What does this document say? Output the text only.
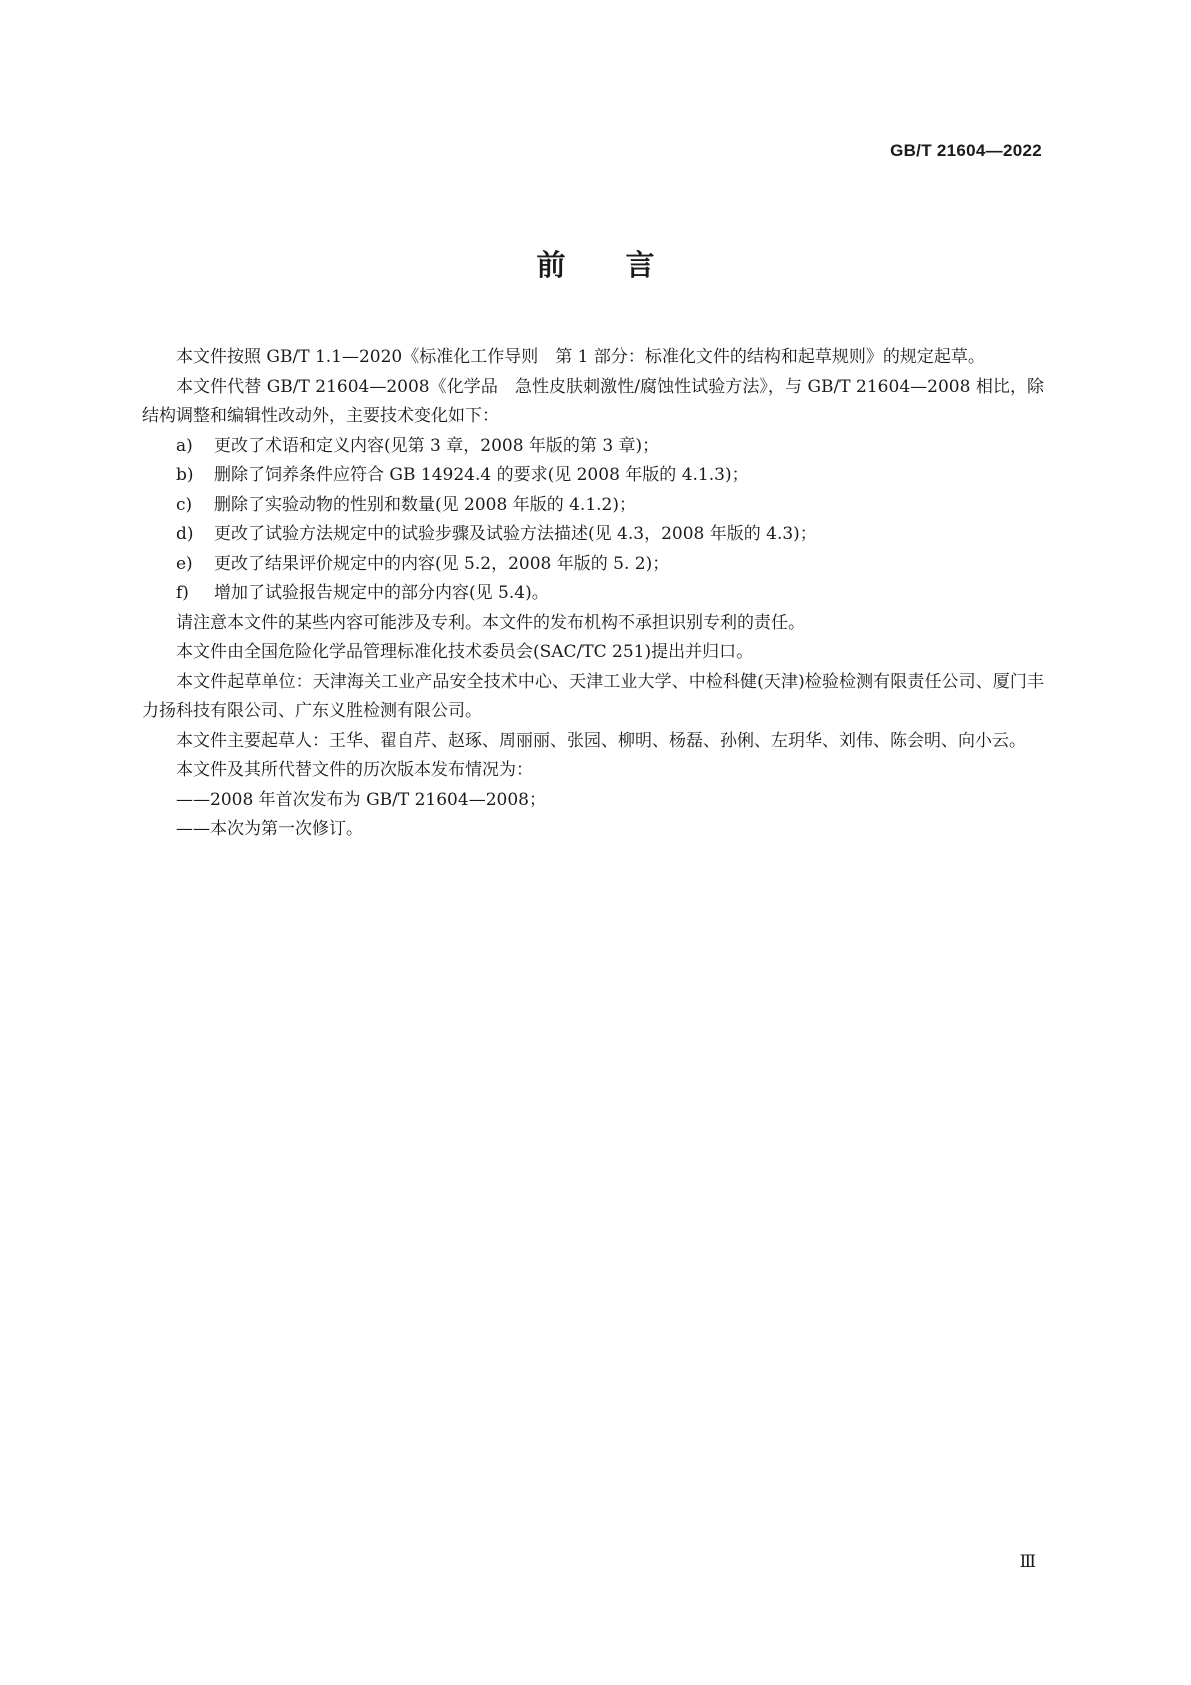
GB/T 21604—2022
前言

本文件按照 GB/T 1.1—2020《标准化工作导则　第 1 部分：标准化文件的结构和起草规则》的规定起草。

本文件代替 GB/T 21604—2008《化学品　急性皮肤刺激性/腐蚀性试验方法》，与 GB/T 21604—2008 相比，除结构调整和编辑性改动外，主要技术变化如下：

a)	更改了术语和定义内容(见第 3 章，2008 年版的第 3 章)；
b)	删除了饲养条件应符合 GB 14924.4 的要求(见 2008 年版的 4.1.3)；
c)	删除了实验动物的性别和数量(见 2008 年版的 4.1.2)；
d)	更改了试验方法规定中的试验步骤及试验方法描述(见 4.3，2008 年版的 4.3)；
e)	更改了结果评价规定中的内容(见 5.2，2008 年版的 5. 2)；
f)	增加了试验报告规定中的部分内容(见 5.4)。

请注意本文件的某些内容可能涉及专利。本文件的发布机构不承担识别专利的责任。

本文件由全国危险化学品管理标准化技术委员会(SAC/TC 251)提出并归口。

本文件起草单位：天津海关工业产品安全技术中心、天津工业大学、中检科健(天津)检验检测有限责任公司、厦门丰力扬科技有限公司、广东义胜检测有限公司。

本文件主要起草人：王华、翟自芹、赵琢、周丽丽、张园、柳明、杨磊、孙俐、左玥华、刘伟、陈会明、向小云。

本文件及其所代替文件的历次版本发布情况为：

——2008 年首次发布为 GB/T 21604—2008；
——本次为第一次修订。
Ⅲ
